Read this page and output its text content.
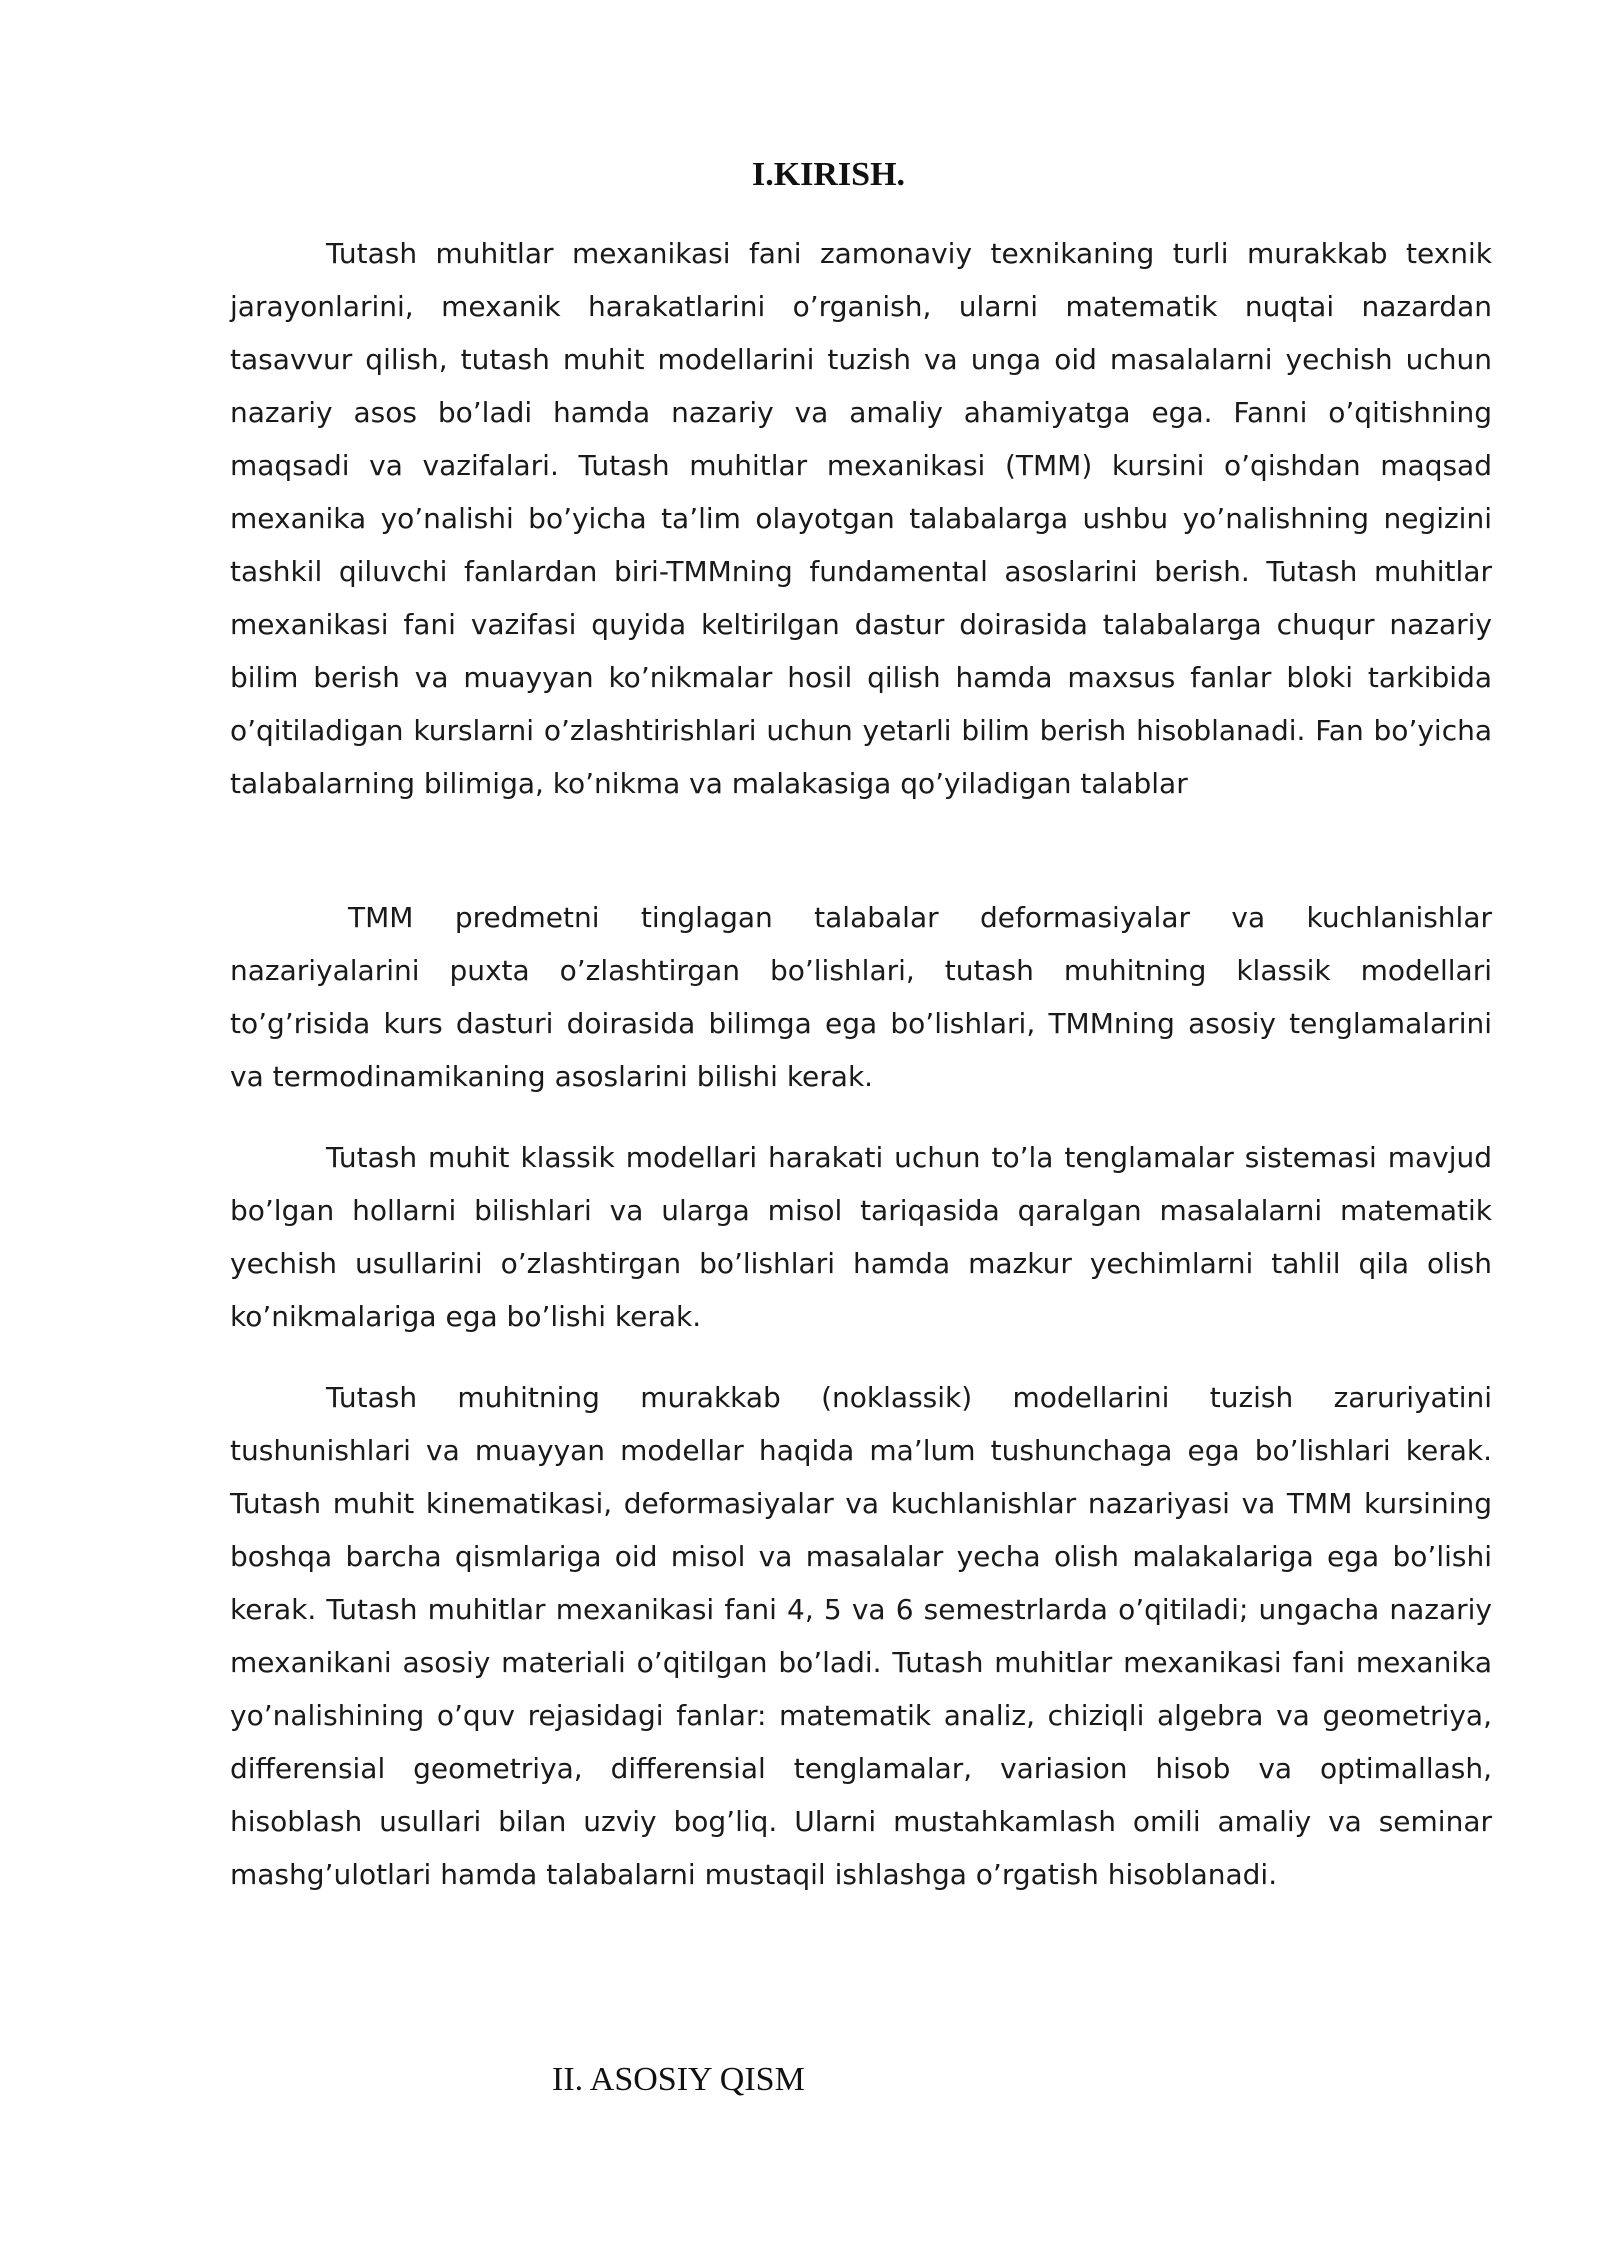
I.KIRISH.

Tutash muhitlar mexanikasi fani zamonaviy texnikaning turli murakkab texnik jarayonlarini, mexanik harakatlarini o’rganish, ularni matematik nuqtai nazardan tasavvur qilish, tutash muhit modellarini tuzish va unga oid masalalarni yechish uchun nazariy asos bo’ladi hamda nazariy va amaliy ahamiyatga ega. Fanni o’qitishning maqsadi va vazifalari. Tutash muhitlar mexanikasi (TMM) kursini o’qishdan maqsad mexanika yo’nalishi bo’yicha ta’lim olayotgan talabalarga ushbu yo’nalishning negizini tashkil qiluvchi fanlardan biri-TMMning fundamental asoslarini berish. Tutash muhitlar mexanikasi fani vazifasi quyida keltirilgan dastur doirasida talabalarga chuqur nazariy bilim berish va muayyan ko’nikmalar hosil qilish hamda maxsus fanlar bloki tarkibida o’qitiladigan kurslarni o’zlashtirishlari uchun yetarli bilim berish hisoblanadi. Fan bo’yicha talabalarning bilimiga, ko’nikma va malakasiga qo’yiladigan talablar

TMM predmetni tinglagan talabalar deformasiyalar va kuchlanishlar nazariyalarini puxta o’zlashtirgan bo’lishlari, tutash muhitning klassik modellari to’g’risida kurs dasturi doirasida bilimga ega bo’lishlari, TMMning asosiy tenglamalarini va termodinamikaning asoslarini bilishi kerak.

Tutash muhit klassik modellari harakati uchun to’la tenglamalar sistemasi mavjud bo’lgan hollarni bilishlari va ularga misol tariqasida qaralgan masalalarni matematik yechish usullarini o’zlashtirgan bo’lishlari hamda mazkur yechimlarni tahlil qila olish ko’nikmalariga ega bo’lishi kerak.

Tutash muhitning murakkab (noklassik) modellarini tuzish zaruriyatini tushunishlari va muayyan modellar haqida ma’lum tushunchaga ega bo’lishlari kerak. Tutash muhit kinematikasi, deformasiyalar va kuchlanishlar nazariyasi va TMM kursining boshqa barcha qismlariga oid misol va masalalar yecha olish malakalariga ega bo’lishi kerak. Tutash muhitlar mexanikasi fani 4, 5 va 6 semestrlarda o’qitiladi; ungacha nazariy mexanikani asosiy materiali o’qitilgan bo’ladi. Tutash muhitlar mexanikasi fani mexanika yo’nalishining o’quv rejasidagi fanlar: matematik analiz, chiziqli algebra va geometriya, differensial geometriya, differensial tenglamalar, variasion hisob va optimallash, hisoblash usullari bilan uzviy bog’liq. Ularni mustahkamlash omili amaliy va seminar mashg’ulotlari hamda talabalarni mustaqil ishlashga o’rgatish hisoblanadi.

II. ASOSIY QISM
